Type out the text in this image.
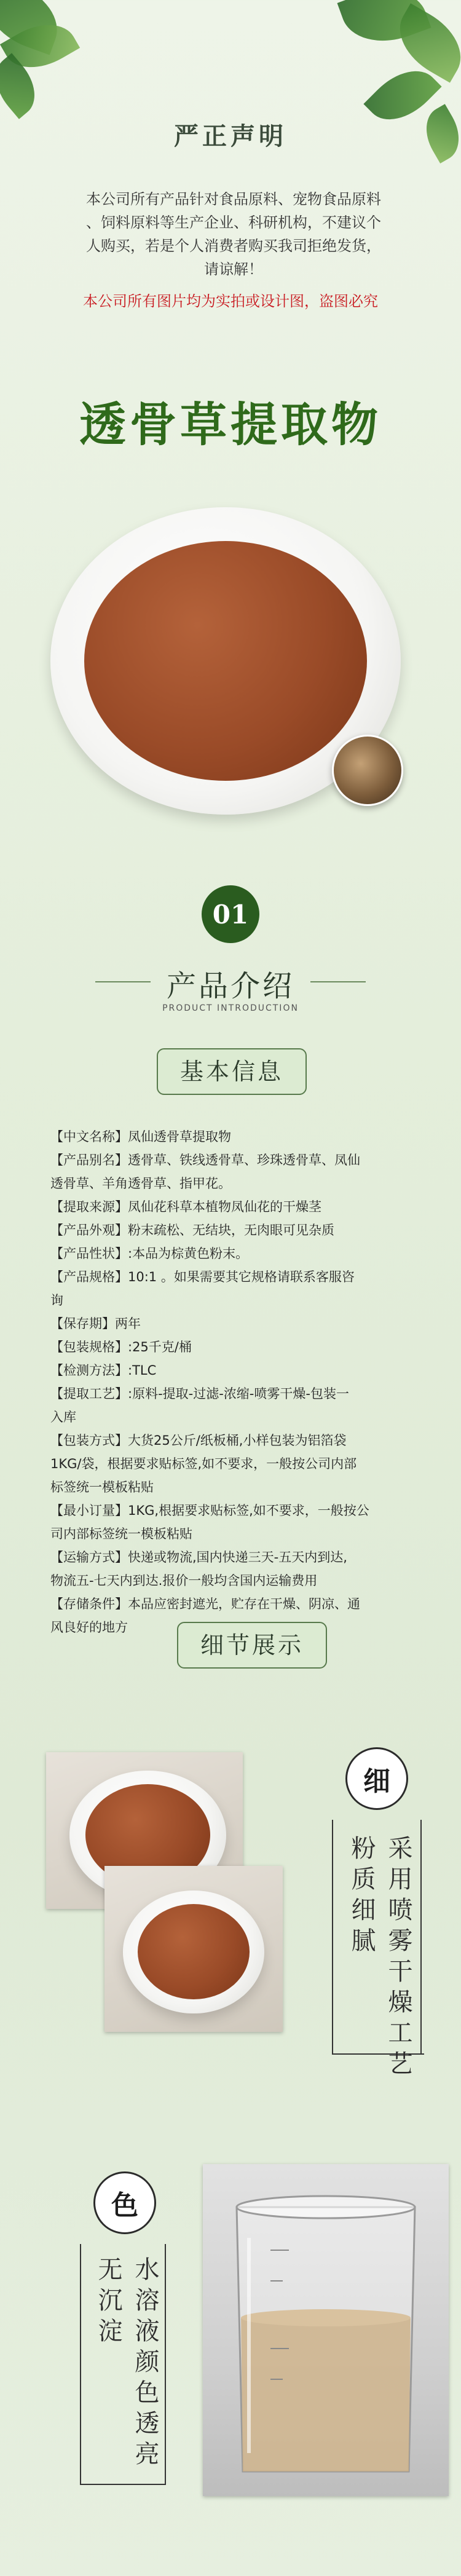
严正声明
本公司所有产品针对食品原料、宠物食品原料
、饲料原料等生产企业、科研机构，不建议个
人购买，若是个人消费者购买我司拒绝发货，
请谅解！
本公司所有图片均为实拍或设计图，盗图必究
透骨草提取物
01
产品介绍
PRODUCT INTRODUCTION
基本信息
【中文名称】凤仙透骨草提取物
【产品别名】透骨草、铁线透骨草、珍珠透骨草、凤仙
透骨草、羊角透骨草、指甲花。
【提取来源】凤仙花科草本植物凤仙花的干燥茎
【产品外观】粉末疏松、无结块，无肉眼可见杂质
【产品性状】:本品为棕黄色粉末。
【产品规格】10:1 。如果需要其它规格请联系客服咨
询
【保存期】两年
【包装规格】:25千克/桶
【检测方法】:TLC
【提取工艺】:原料-提取-过滤-浓缩-喷雾干燥-包装一
入库
【包装方式】大货25公斤/纸板桶,小样包装为铝箔袋
1KG/袋，根据要求贴标签,如不要求，一般按公司内部
标签统一模板粘贴
【最小订量】1KG,根据要求贴标签,如不要求，一般按公
司内部标签统一模板粘贴
【运输方式】快递或物流,国内快递三天-五天内到达,
物流五-七天内到达.报价一般均含国内运输费用
【存储条件】本品应密封遮光，贮存在干燥、阴凉、通
风良好的地方
细节展示
细
采用喷雾干燥工艺
粉质细腻
色
水溶液颜色透亮
无沉淀
